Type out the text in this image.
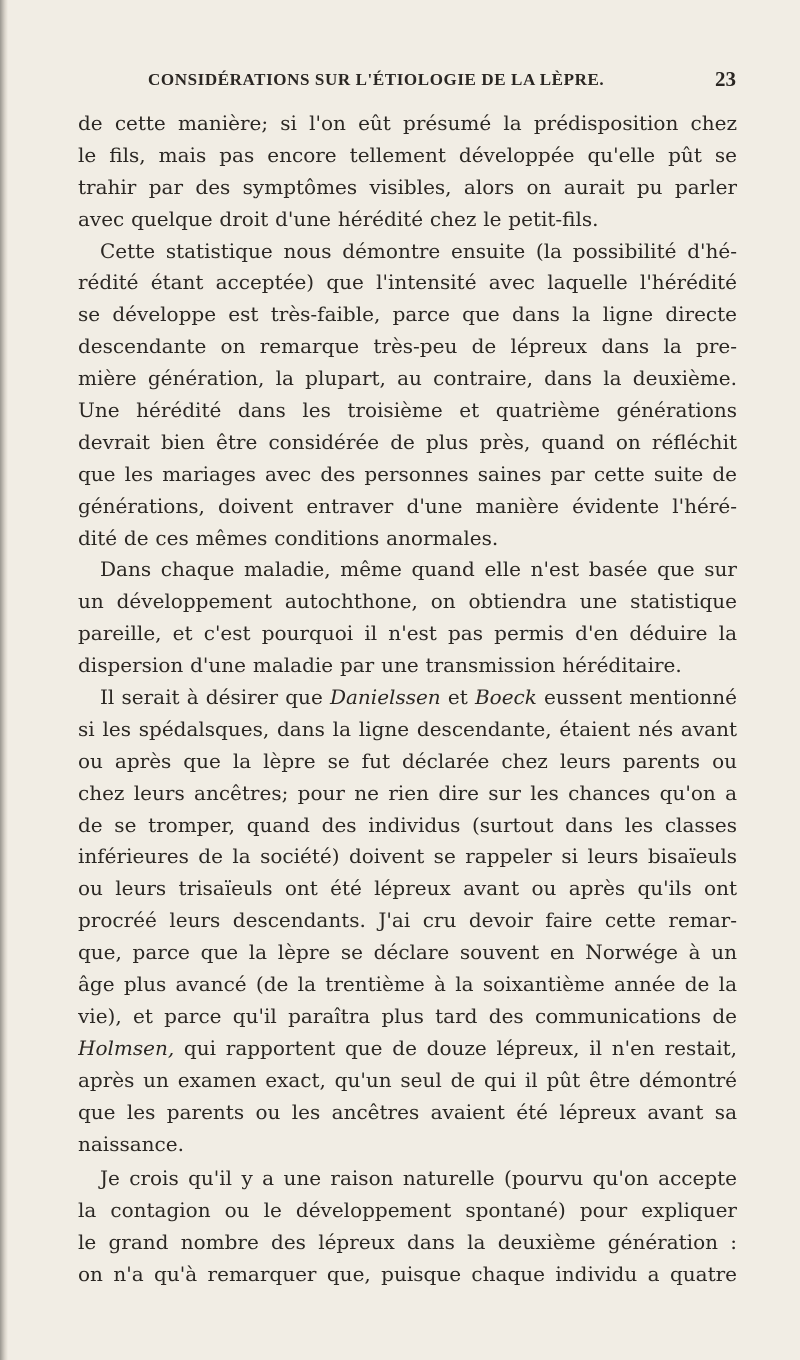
CONSIDÉRATIONS SUR L'ÉTIOLOGIE DE LA LÈPRE.	23
de cette manière; si l'on eût présumé la prédisposition chez
le fils, mais pas encore tellement développée qu'elle pût se
trahir par des symptômes visibles, alors on aurait pu parler
avec quelque droit d'une hérédité chez le petit-fils.
Cette statistique nous démontre ensuite (la possibilité d'hé-
rédité étant acceptée) que l'intensité avec laquelle l'hérédité
se développe est très-faible, parce que dans la ligne directe
descendante on remarque très-peu de lépreux dans la pre-
mière génération, la plupart, au contraire, dans la deuxième.
Une hérédité dans les troisième et quatrième générations
devrait bien être considérée de plus près, quand on réfléchit
que les mariages avec des personnes saines par cette suite de
générations, doivent entraver d'une manière évidente l'héré-
dité de ces mêmes conditions anormales.
Dans chaque maladie, même quand elle n'est basée que sur
un développement autochthone, on obtiendra une statistique
pareille, et c'est pourquoi il n'est pas permis d'en déduire la
dispersion d'une maladie par une transmission héréditaire.
Il serait à désirer que Danielssen et Boeck eussent mentionné
si les spédalsques, dans la ligne descendante, étaient nés avant
ou après que la lèpre se fut déclarée chez leurs parents ou
chez leurs ancêtres; pour ne rien dire sur les chances qu'on a
de se tromper, quand des individus (surtout dans les classes
inférieures de la société) doivent se rappeler si leurs bisaïeuls
ou leurs trisaïeuls ont été lépreux avant ou après qu'ils ont
procréé leurs descendants. J'ai cru devoir faire cette remar-
que, parce que la lèpre se déclare souvent en Norwége à un
âge plus avancé (de la trentième à la soixantième année de la
vie), et parce qu'il paraîtra plus tard des communications de
Holmsen, qui rapportent que de douze lépreux, il n'en restait,
après un examen exact, qu'un seul de qui il pût être démontré
que les parents ou les ancêtres avaient été lépreux avant sa
naissance.
Je crois qu'il y a une raison naturelle (pourvu qu'on accepte
la contagion ou le développement spontané) pour expliquer
le grand nombre des lépreux dans la deuxième génération :
on n'a qu'à remarquer que, puisque chaque individu a quatre
